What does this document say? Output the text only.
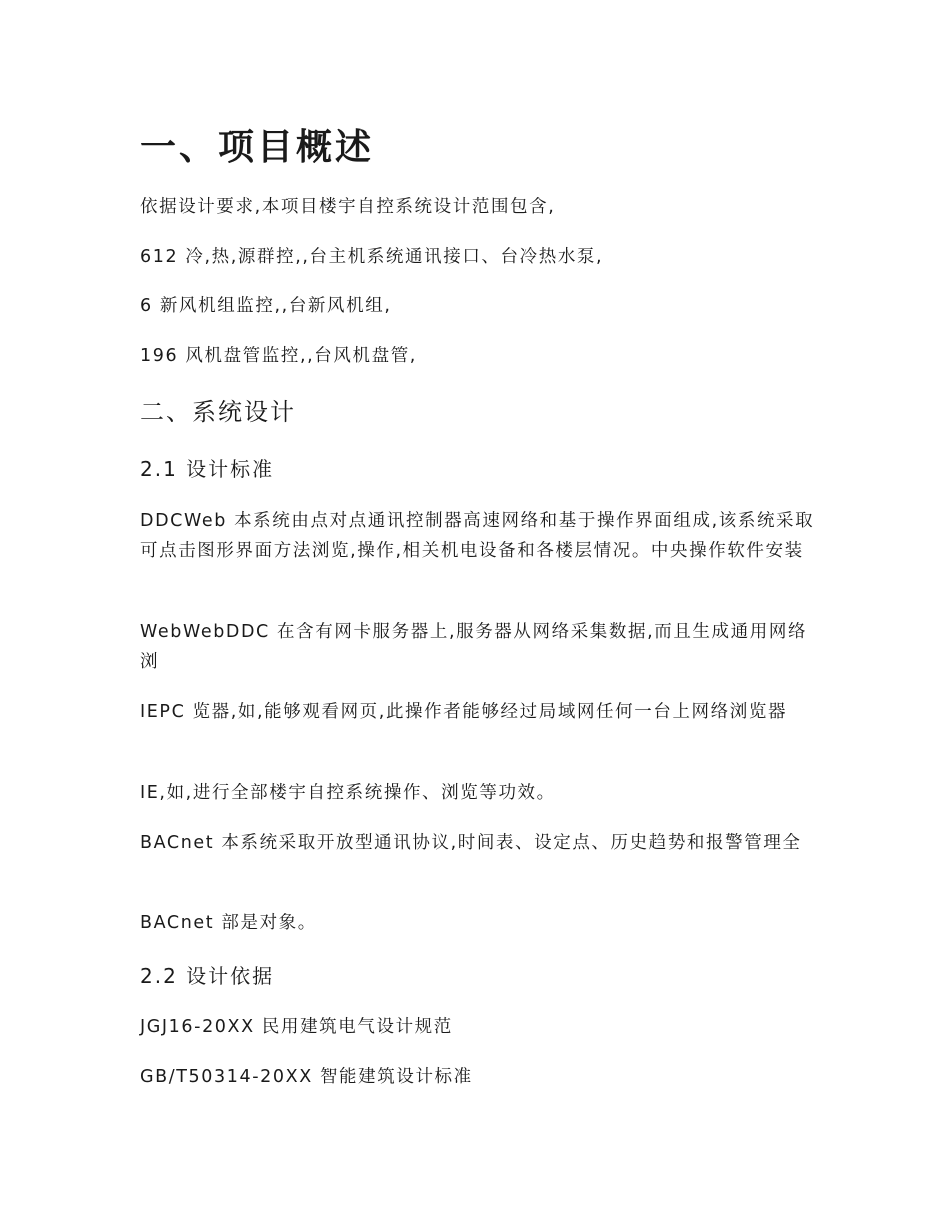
一、项目概述
依据设计要求,本项目楼宇自控系统设计范围包含,
612 冷,热,源群控,,台主机系统通讯接口、台冷热水泵,
6 新风机组监控,,台新风机组,
196 风机盘管监控,,台风机盘管,
二、系统设计
2.1 设计标准
DDCWeb 本系统由点对点通讯控制器高速网络和基于操作界面组成,该系统采取可点击图形界面方法浏览,操作,相关机电设备和各楼层情况。中央操作软件安装
WebWebDDC 在含有网卡服务器上,服务器从网络采集数据,而且生成通用网络浏
IEPC 览器,如,能够观看网页,此操作者能够经过局域网任何一台上网络浏览器
IE,如,进行全部楼宇自控系统操作、浏览等功效。
BACnet 本系统采取开放型通讯协议,时间表、设定点、历史趋势和报警管理全
BACnet 部是对象。
2.2 设计依据
JGJ16-20XX 民用建筑电气设计规范
GB/T50314-20XX 智能建筑设计标准
